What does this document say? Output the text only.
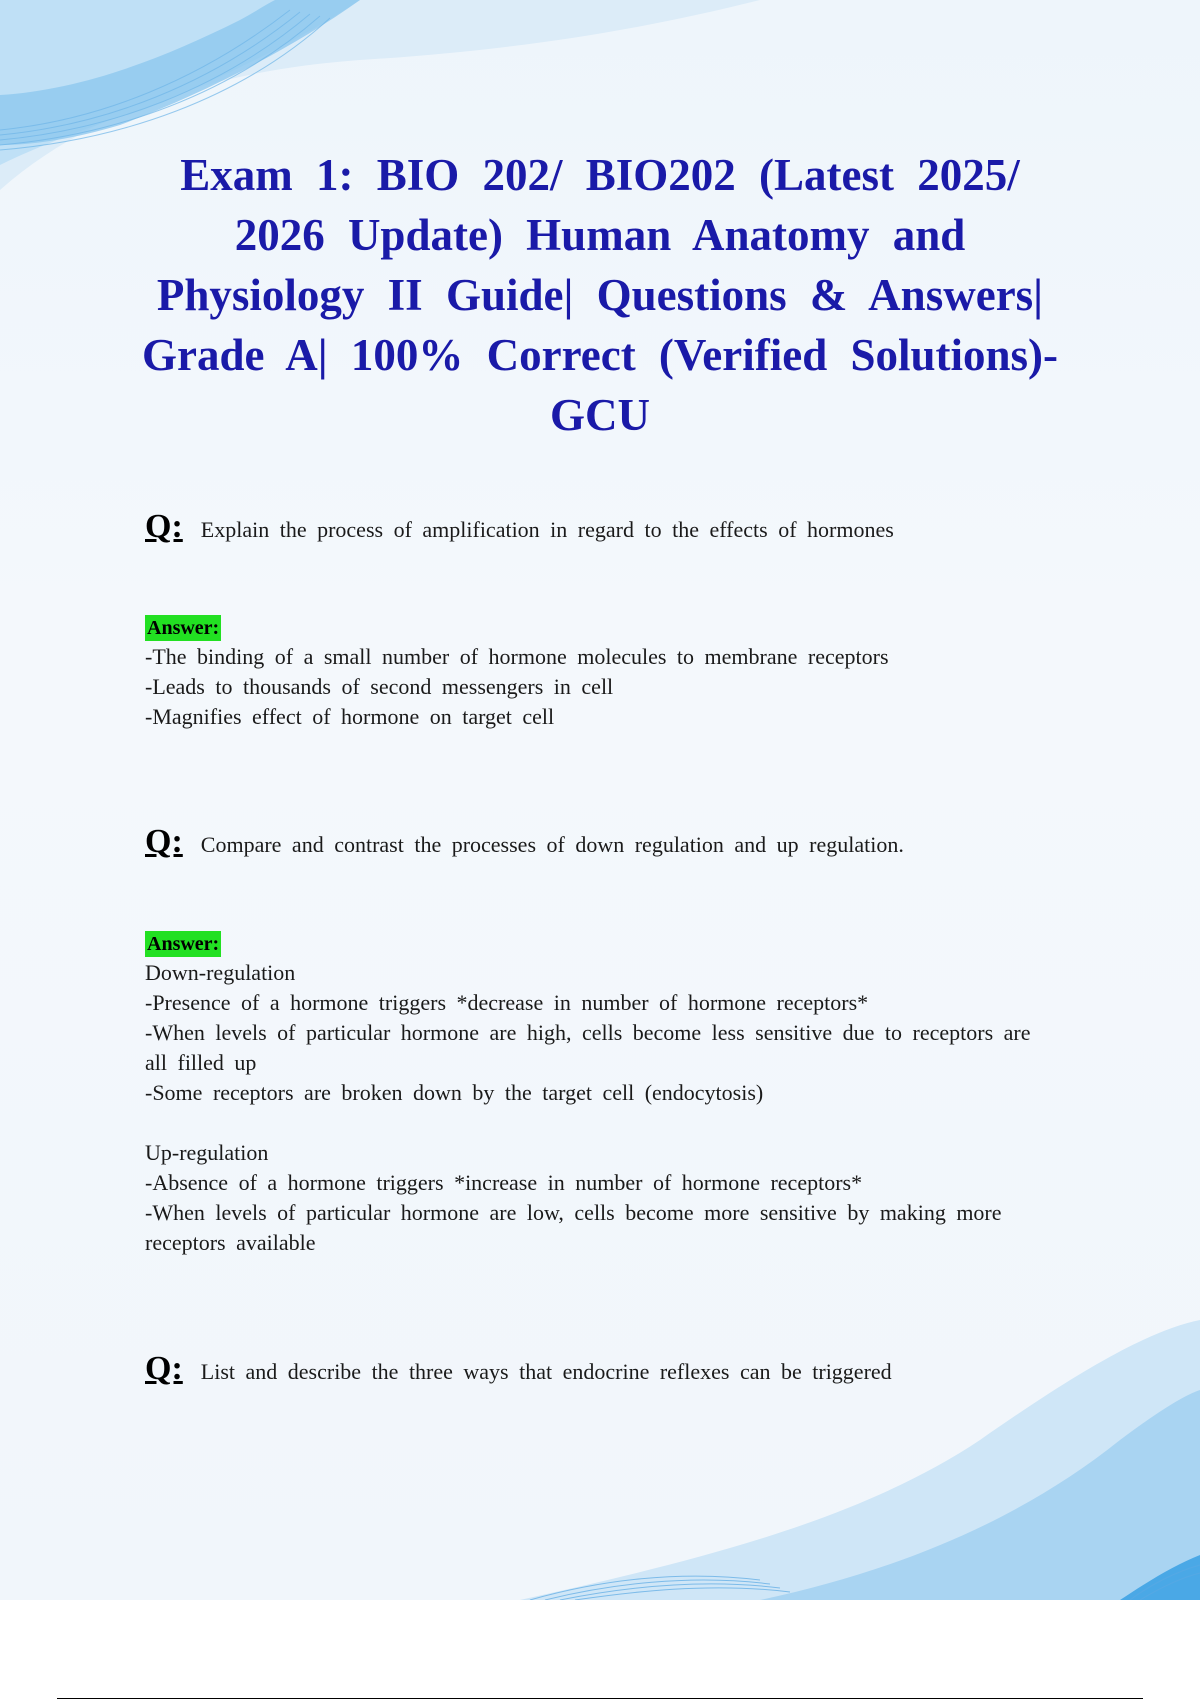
Exam 1: BIO 202/ BIO202 (Latest 2025/ 2026 Update) Human Anatomy and Physiology II Guide| Questions & Answers| Grade A| 100% Correct (Verified Solutions)- GCU
Q: Explain the process of amplification in regard to the effects of hormones
Answer:
-The binding of a small number of hormone molecules to membrane receptors
-Leads to thousands of second messengers in cell
-Magnifies effect of hormone on target cell
Q: Compare and contrast the processes of down regulation and up regulation.
Answer:
Down-regulation
-Presence of a hormone triggers *decrease in number of hormone receptors*
-When levels of particular hormone are high, cells become less sensitive due to receptors are all filled up
-Some receptors are broken down by the target cell (endocytosis)
Up-regulation
-Absence of a hormone triggers *increase in number of hormone receptors*
-When levels of particular hormone are low, cells become more sensitive by making more receptors available
Q: List and describe the three ways that endocrine reflexes can be triggered
